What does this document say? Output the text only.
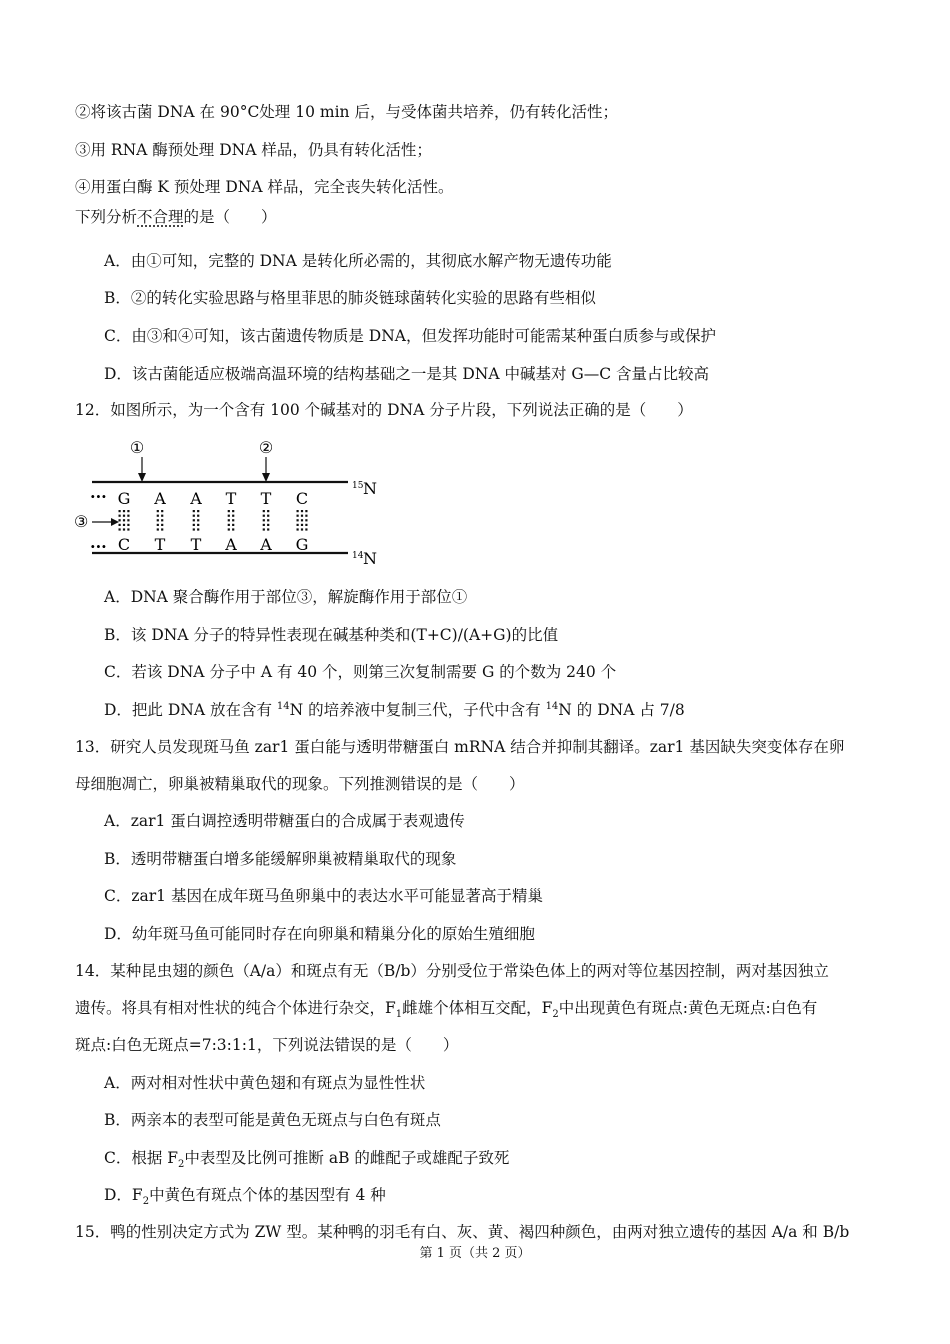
②将该古菌 DNA 在 90°C处理 10 min 后，与受体菌共培养，仍有转化活性；
③用 RNA 酶预处理 DNA 样品，仍具有转化活性；
④用蛋白酶 K 预处理 DNA 样品，完全丧失转化活性。
下列分析不合理的是（　　）
A．由①可知，完整的 DNA 是转化所必需的，其彻底水解产物无遗传功能
B．②的转化实验思路与格里菲思的肺炎链球菌转化实验的思路有些相似
C．由③和④可知，该古菌遗传物质是 DNA，但发挥功能时可能需某种蛋白质参与或保护
D．该古菌能适应极端高温环境的结构基础之一是其 DNA 中碱基对 G—C 含量占比较高
12．如图所示，为一个含有 100 个碱基对的 DNA 分子片段，下列说法正确的是（　　）
···
···
G A A T T C
C T T A A G
①	②
③
15 N
14 N
A．DNA 聚合酶作用于部位③，解旋酶作用于部位①
B．该 DNA 分子的特异性表现在碱基种类和(T+C)/(A+G)的比值
C．若该 DNA 分子中 A 有 40 个，则第三次复制需要 G 的个数为 240 个
D．把此 DNA 放在含有 $^{14}$N 的培养液中复制三代，子代中含有 $^{14}$N 的 DNA 占 7/8
13．研究人员发现斑马鱼 zar1 蛋白能与透明带糖蛋白 mRNA 结合并抑制其翻译。zar1 基因缺失突变体存在卵
母细胞凋亡，卵巢被精巢取代的现象。下列推测错误的是（　　）
A．zar1 蛋白调控透明带糖蛋白的合成属于表观遗传
B．透明带糖蛋白增多能缓解卵巢被精巢取代的现象
C．zar1 基因在成年斑马鱼卵巢中的表达水平可能显著高于精巢
D．幼年斑马鱼可能同时存在向卵巢和精巢分化的原始生殖细胞
14．某种昆虫翅的颜色（A/a）和斑点有无（B/b）分别受位于常染色体上的两对等位基因控制，两对基因独立
遗传。将具有相对性状的纯合个体进行杂交，$F_1$雌雄个体相互交配，$F_2$中出现黄色有斑点:黄色无斑点:白色有
斑点:白色无斑点=7:3:1:1，下列说法错误的是（　　）
A．两对相对性状中黄色翅和有斑点为显性性状
B．两亲本的表型可能是黄色无斑点与白色有斑点
C．根据 $F_2$中表型及比例可推断 aB 的雌配子或雄配子致死
D．$F_2$中黄色有斑点个体的基因型有 4 种
15．鸭的性别决定方式为 ZW 型。某种鸭的羽毛有白、灰、黄、褐四种颜色，由两对独立遗传的基因 A/a 和 B/b
第 1 页（共 2 页）
